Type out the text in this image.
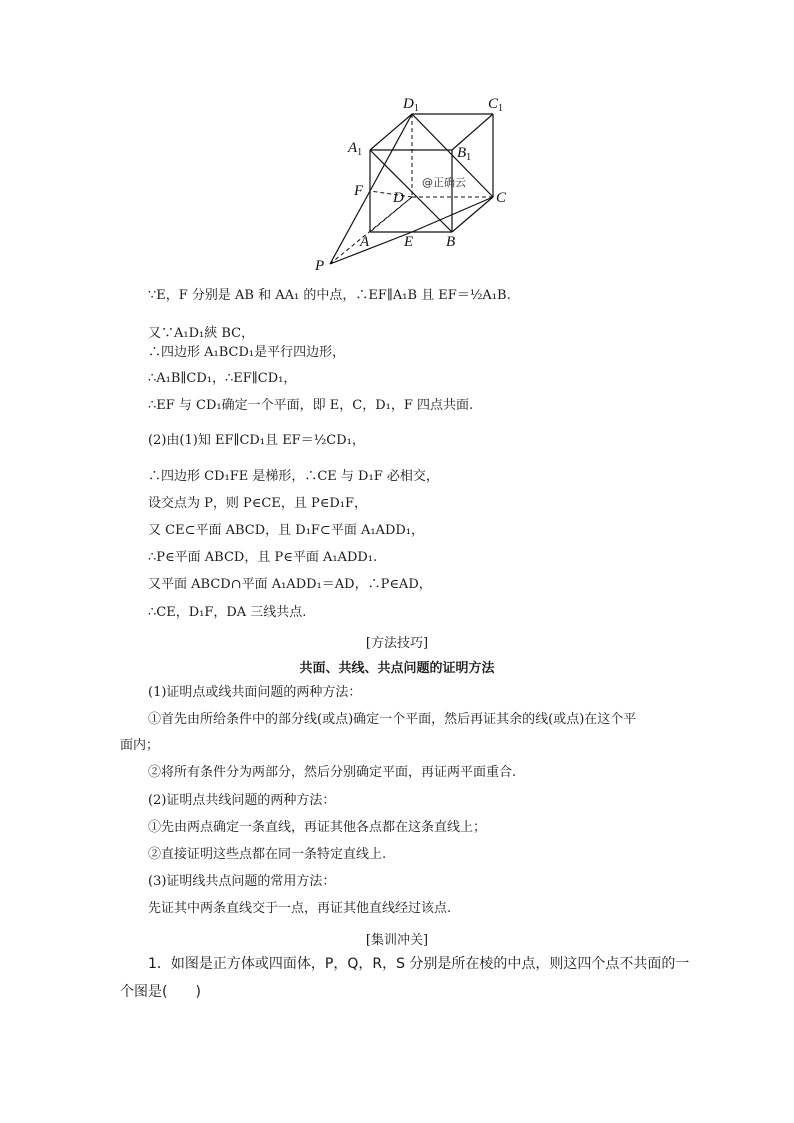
$D_1$	$C_1$
$A_1$	$B_1$
F D	C
A E B
P
@正确云
∵E，F 分别是 AB 和 AA₁ 的中点，∴EF∥A₁B 且 EF＝½A₁B.
又∵A₁D₁綊 BC，
∴四边形 A₁BCD₁是平行四边形，
∴A₁B∥CD₁，∴EF∥CD₁，
∴EF 与 CD₁确定一个平面，即 E，C，D₁，F 四点共面.
(2)由(1)知 EF∥CD₁且 EF＝½CD₁，
∴四边形 CD₁FE 是梯形，∴CE 与 D₁F 必相交，
设交点为 P，则 P∈CE，且 P∈D₁F，
又 CE⊂平面 ABCD，且 D₁F⊂平面 A₁ADD₁，
∴P∈平面 ABCD，且 P∈平面 A₁ADD₁.
又平面 ABCD∩平面 A₁ADD₁＝AD，∴P∈AD，
∴CE，D₁F，DA 三线共点.
[方法技巧]
共面、共线、共点问题的证明方法
(1)证明点或线共面问题的两种方法：
①首先由所给条件中的部分线(或点)确定一个平面，然后再证其余的线(或点)在这个平
面内；
②将所有条件分为两部分，然后分别确定平面，再证两平面重合.
(2)证明点共线问题的两种方法：
①先由两点确定一条直线，再证其他各点都在这条直线上；
②直接证明这些点都在同一条特定直线上.
(3)证明线共点问题的常用方法：
先证其中两条直线交于一点，再证其他直线经过该点.
[集训冲关]
1．如图是正方体或四面体，P，Q，R，S 分别是所在棱的中点，则这四个点不共面的一
个图是(　　)
